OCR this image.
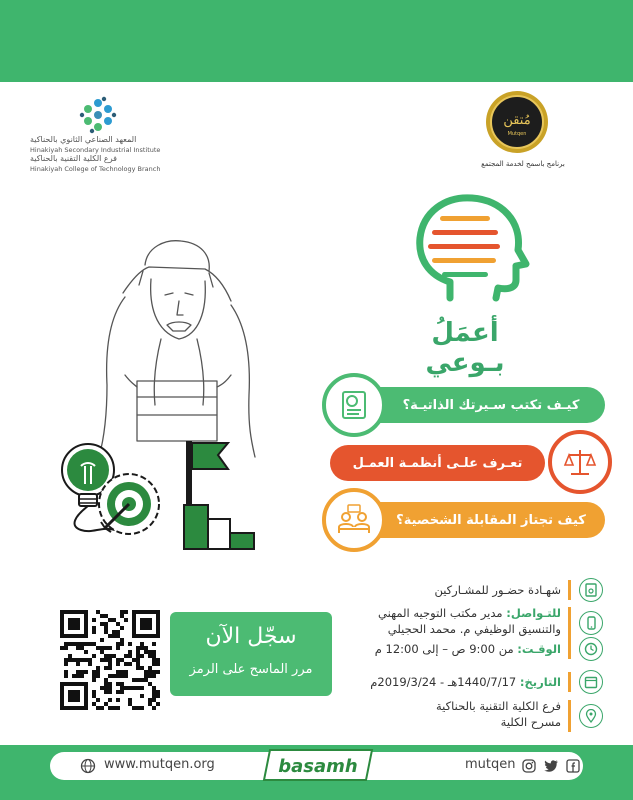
المعهد الصناعي الثانوي بالحناكية
Hinakiyah Secondary Industrial Institute
فرع الكلية التقنية بالحناكية
Hinakiyah College of Technology Branch
مُتقن
Mutqen
برنامج باسمح لخدمة المجتمع
أعمَلُ بـوعي
كيـف تكتب سـيرتك الذاتيـة؟
تعـرف علـى أنظمـة العمـل
كيف تجتاز المقابلة الشخصية؟
شهـادة حضـور للمشـاركين
للتـواصل: مدير مكتب التوجيه المهني
والتنسيق الوظيفي م. محمد الحجيلي
الوقـت: من 9:00 ص – إلى 12:00 م
التاريخ: 1440/7/17هـ - 2019/3/24م
فرع الكلية التقنية بالحناكية
مسرح الكلية
سجّل الآن
مرر الماسح على الرمز
www.mutqen.org	basamh	mutqen
